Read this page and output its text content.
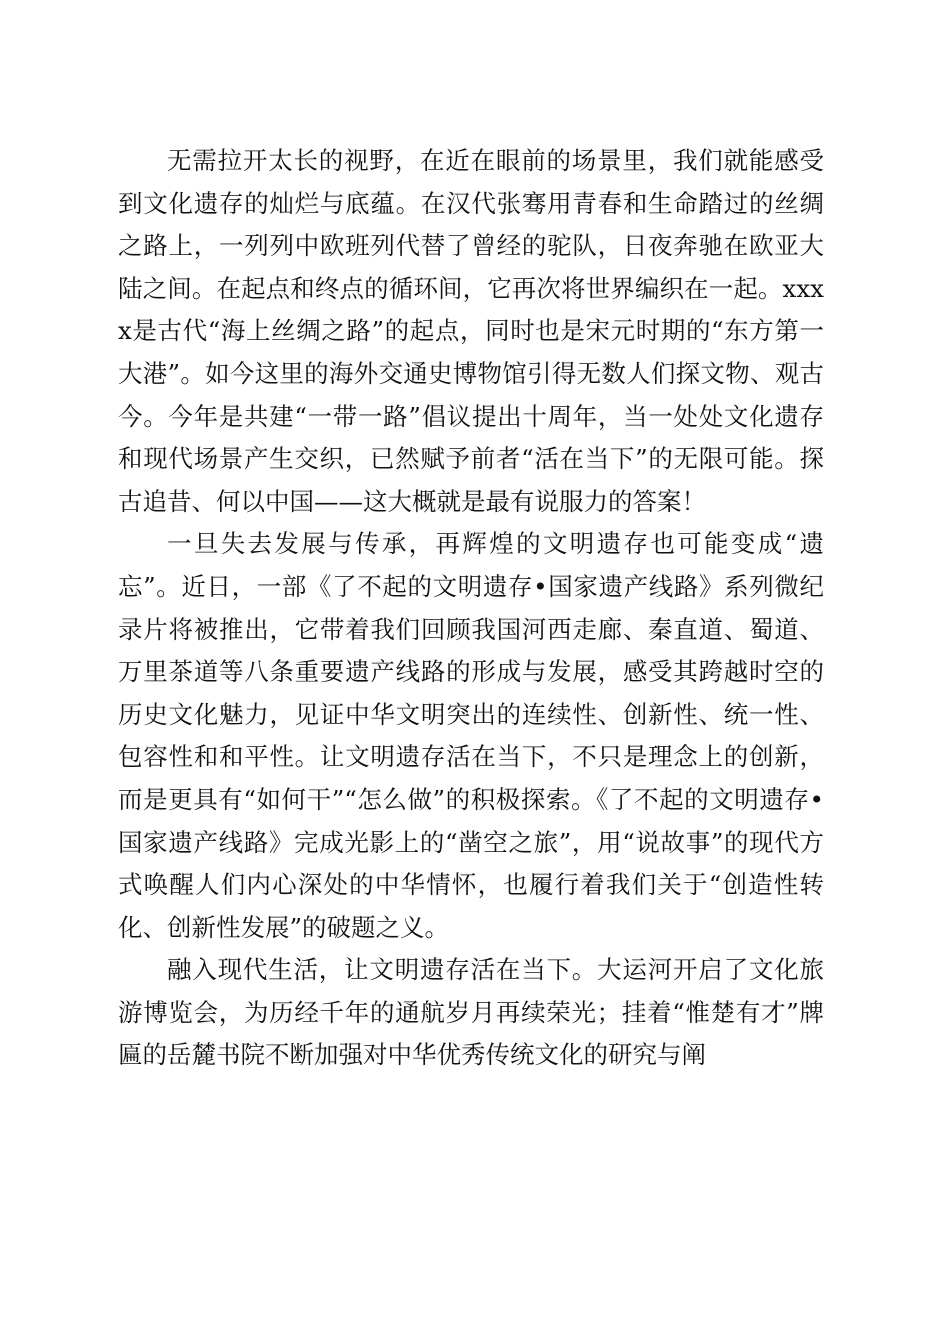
无需拉开太长的视野，在近在眼前的场景里，我们就能感受到文化遗存的灿烂与底蕴。在汉代张骞用青春和生命踏过的丝绸之路上，一列列中欧班列代替了曾经的驼队，日夜奔驰在欧亚大陆之间。在起点和终点的循环间，它再次将世界编织在一起。xxxx是古代“海上丝绸之路”的起点，同时也是宋元时期的“东方第一大港”。如今这里的海外交通史博物馆引得无数人们探文物、观古今。今年是共建“一带一路”倡议提出十周年，当一处处文化遗存和现代场景产生交织，已然赋予前者“活在当下”的无限可能。探古追昔、何以中国——这大概就是最有说服力的答案！

一旦失去发展与传承，再辉煌的文明遗存也可能变成“遗忘”。近日，一部《了不起的文明遗存•国家遗产线路》系列微纪录片将被推出，它带着我们回顾我国河西走廊、秦直道、蜀道、万里茶道等八条重要遗产线路的形成与发展，感受其跨越时空的历史文化魅力，见证中华文明突出的连续性、创新性、统一性、包容性和和平性。让文明遗存活在当下，不只是理念上的创新，而是更具有“如何干”“怎么做”的积极探索。《了不起的文明遗存•国家遗产线路》完成光影上的“凿空之旅”，用“说故事”的现代方式唤醒人们内心深处的中华情怀，也履行着我们关于“创造性转化、创新性发展”的破题之义。

融入现代生活，让文明遗存活在当下。大运河开启了文化旅游博览会，为历经千年的通航岁月再续荣光；挂着“惟楚有才”牌匾的岳麓书院不断加强对中华优秀传统文化的研究与阐
